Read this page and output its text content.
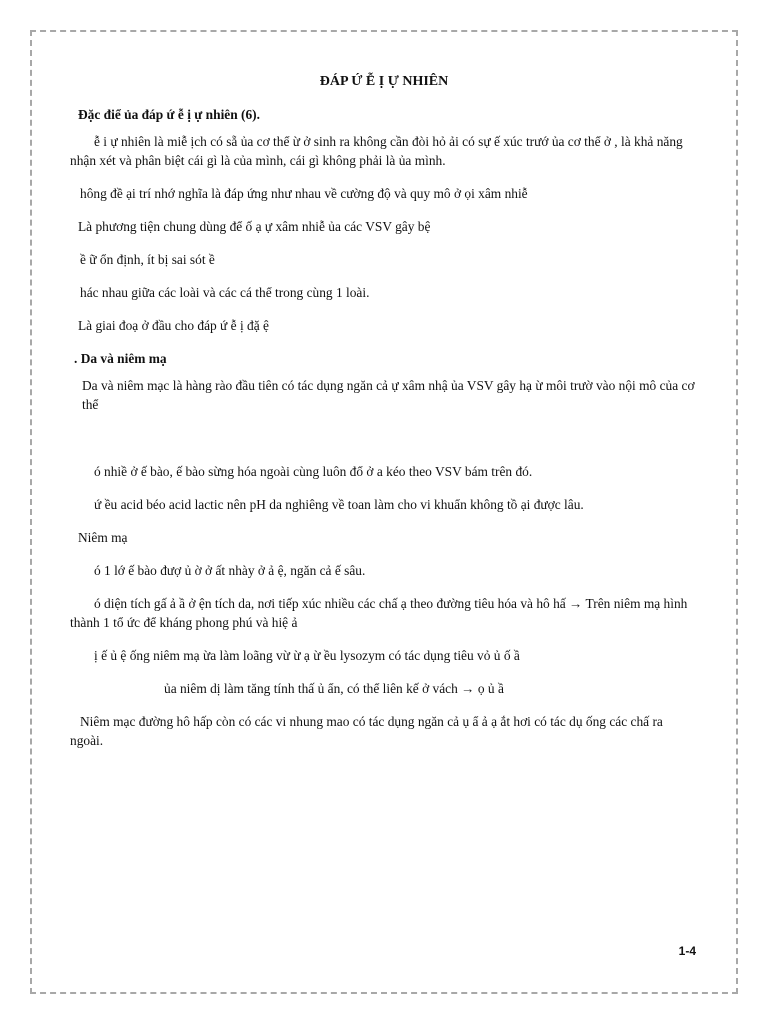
ĐÁP Ứ Ễ Ị Ự NHIÊN
Đặc điể ủa đáp ứ ễ ị ự nhiên (6).

ễ i ự nhiên là miễ ịch có sẵ ủa cơ thể ừ ở sinh ra không cần đòi hỏ ải có sự ế xúc trướ ủa cơ thể ở , là khả năng nhận xét và phân biệt cái gì là của mình, cái gì không phải là ủa mình.

hông đề ại trí nhớ nghĩa là đáp ứng như nhau về cường độ và quy mô ở ọi xâm nhiễ

Là phương tiện chung dùng để ố ạ ự xâm nhiễ ủa các VSV gây bệ

ề ữ ổn định, ít bị sai sót ề

hác nhau giữa các loài và các cá thể trong cùng 1 loài.

Là giai đoạ ở đầu cho đáp ứ ễ ị đặ ệ

. Da và niêm mạ

Da và niêm mạc là hàng rào đầu tiên có tác dụng ngăn cả ự xâm nhậ ủa VSV gây hạ ừ môi trườ vào nội mô của cơ thể

ó nhiề ở ế bào, ế bào sừng hóa ngoài cùng luôn đổ ở a kéo theo VSV bám trên đó.

ứ ều acid béo acid lactic nên pH da nghiêng về toan làm cho vi khuẩn không tồ ại được lâu.

Niêm mạ

ó 1 lớ ế bào đượ ủ ờ ở ất nhày ở ả ệ, ngăn cả ế sâu.

ó diện tích gấ ả ầ ở ện tích da, nơi tiếp xúc nhiều các chấ ạ theo đường tiêu hóa và hô hấ → Trên niêm mạ hình thành 1 tổ ức để kháng phong phú và hiệ ả

ị ế ủ ệ ống niêm mạ ừa làm loãng vừ ừ ạ ừ ều lysozym có tác dụng tiêu vỏ ủ ố ầ

ủa niêm dị làm tăng tính thấ ủ ẩn, có thể liên kế ở vách → ọ ủ ầ

Niêm mạc đường hô hấp còn có các vi nhung mao có tác dụng ngăn cả ụ ẩ ả ạ ắt hơi có tác dụ ống các chấ ra ngoài.

1-4
